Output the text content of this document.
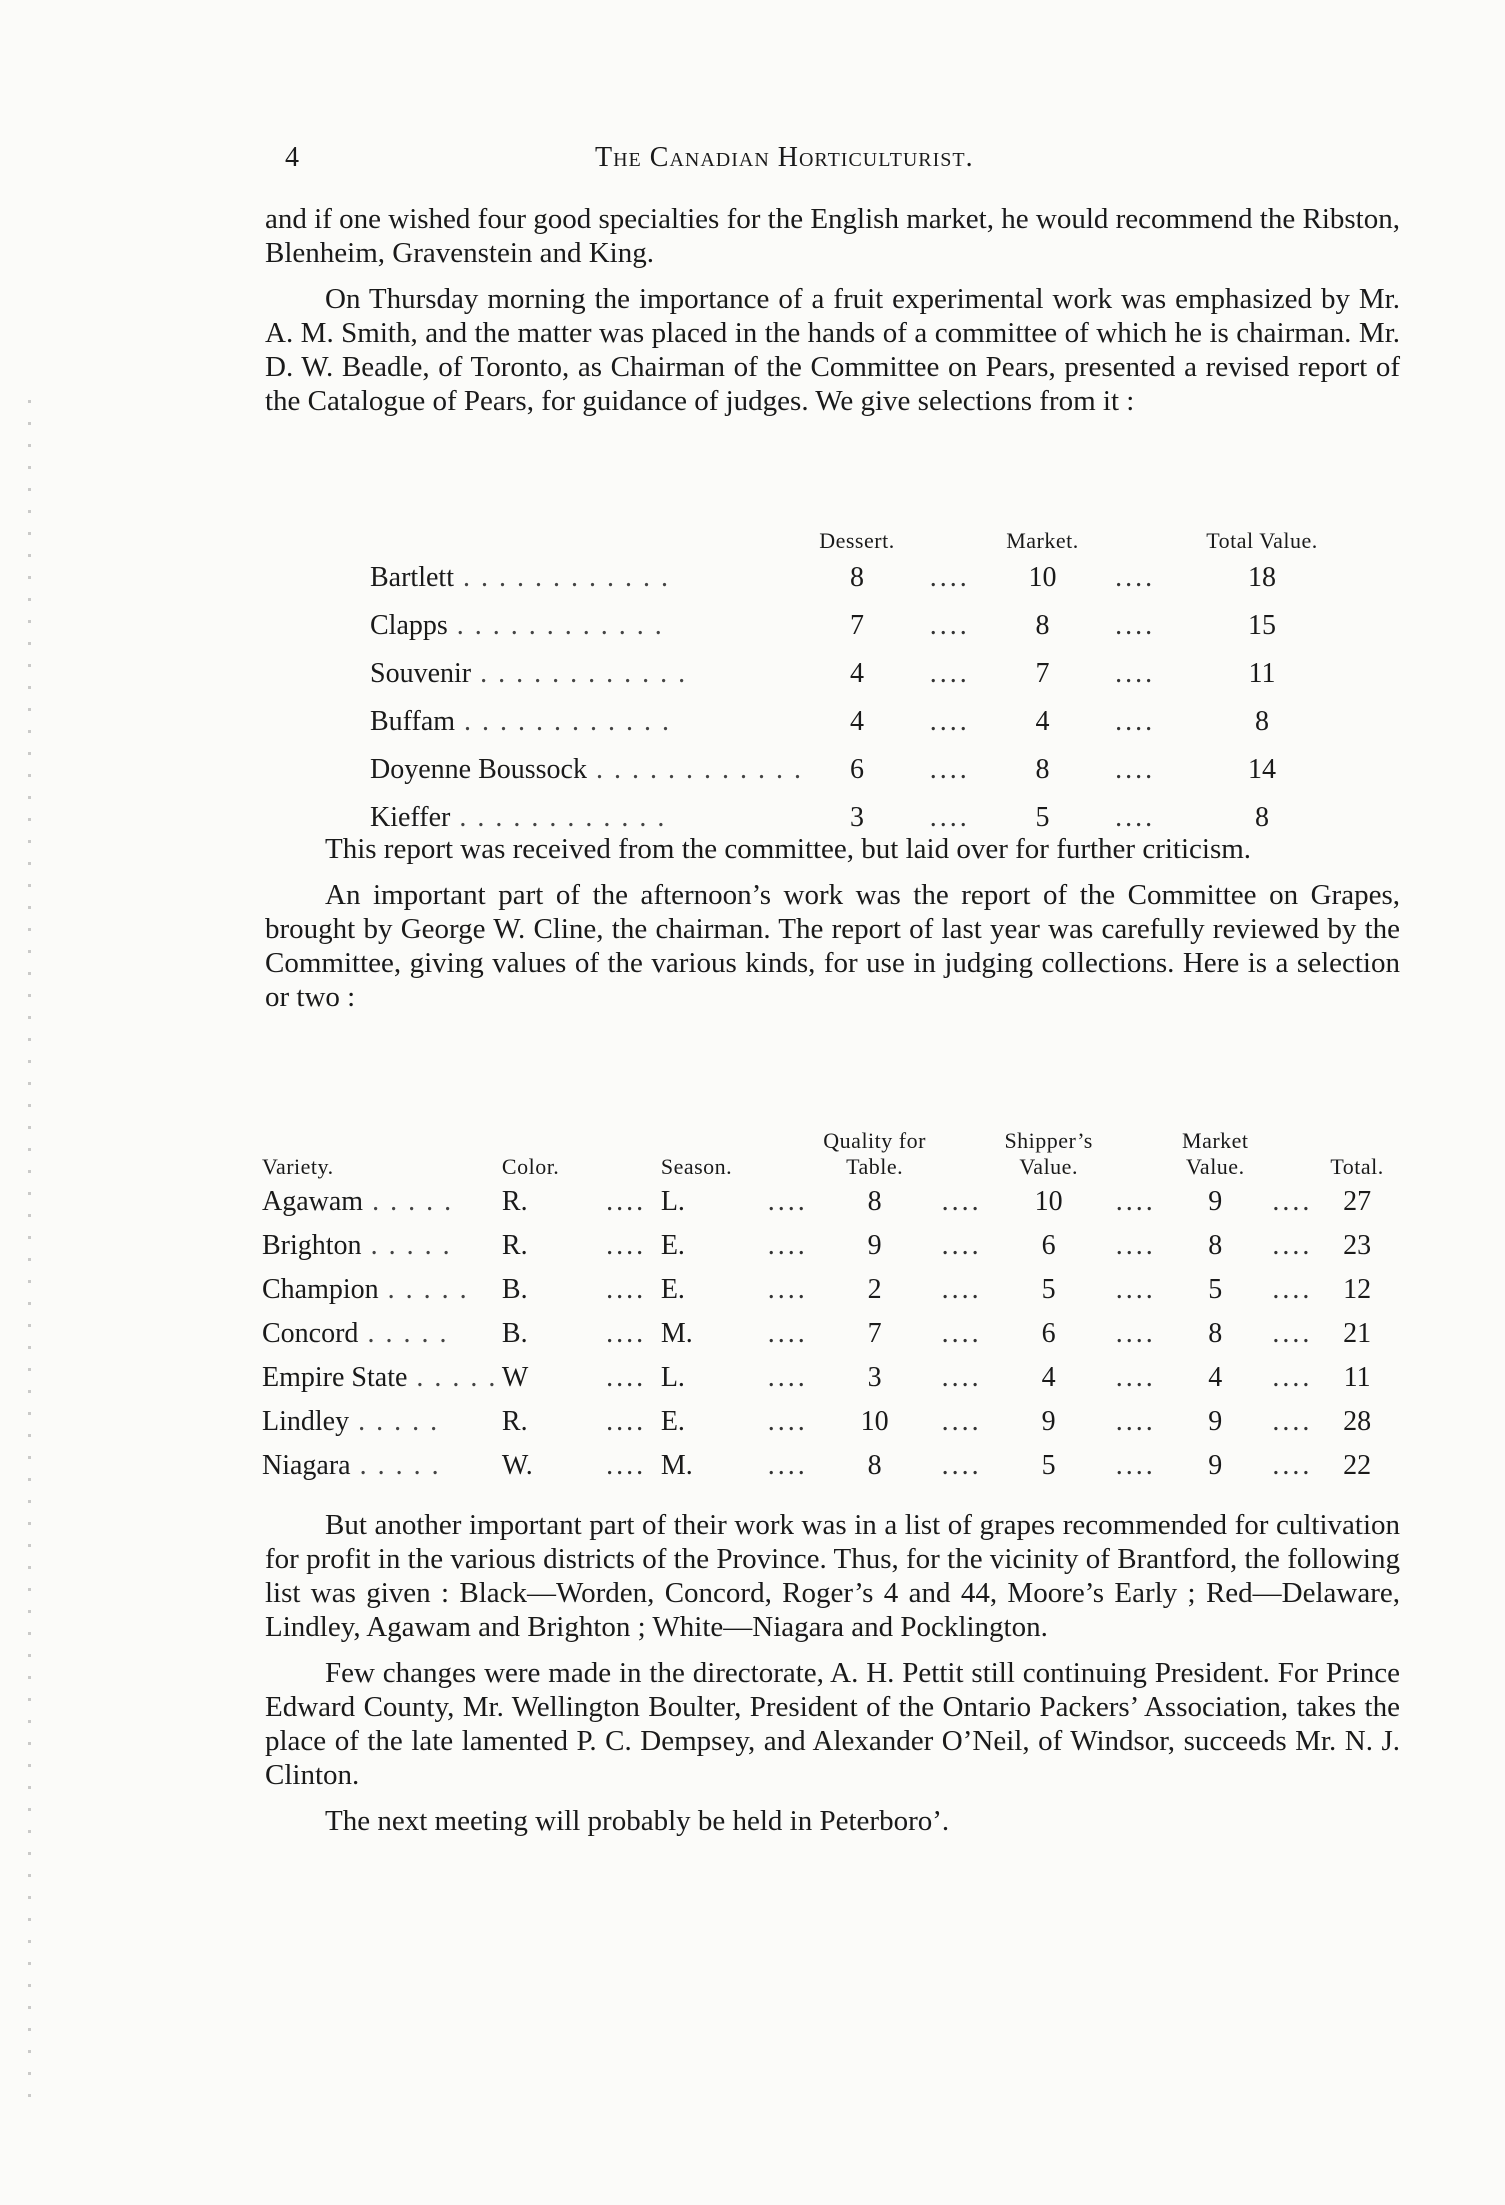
4	The Canadian Horticulturist.

and if one wished four good specialties for the English market, he would recommend the Ribston, Blenheim, Gravenstein and King.

On Thursday morning the importance of a fruit experimental work was emphasized by Mr. A. M. Smith, and the matter was placed in the hands of a committee of which he is chairman. Mr. D. W. Beadle, of Toronto, as Chairman of the Committee on Pears, presented a revised report of the Catalogue of Pears, for guidance of judges. We give selections from it :

	Dessert.		Market.		Total Value.
Bartlett . . . . . . . . . . . .	8	....	10	....	18
Clapps . . . . . . . . . . . .	7	....	8	....	15
Souvenir . . . . . . . . . . . .	4	....	7	....	11
Buffam . . . . . . . . . . . .	4	....	4	....	8
Doyenne Boussock . . . . . . . . . . . .	6	....	8	....	14
Kieffer . . . . . . . . . . . .	3	....	5	....	8

This report was received from the committee, but laid over for further criticism.

An important part of the afternoon’s work was the report of the Committee on Grapes, brought by George W. Cline, the chairman. The report of last year was carefully reviewed by the Committee, giving values of the various kinds, for use in judging collections. Here is a selection or two :

Variety.	Color.		Season.		Quality for Table.		Shipper’s Value.		Market Value.		Total.
Agawam . . . . .	R.	....	L.	....	8	....	10	....	9	....	27
Brighton . . . . .	R.	....	E.	....	9	....	6	....	8	....	23
Champion . . . . .	B.	....	E.	....	2	....	5	....	5	....	12
Concord . . . . .	B.	....	M.	....	7	....	6	....	8	....	21
Empire State . . . . .	W	....	L.	....	3	....	4	....	4	....	11
Lindley . . . . .	R.	....	E.	....	10	....	9	....	9	....	28
Niagara . . . . .	W.	....	M.	....	8	....	5	....	9	....	22

But another important part of their work was in a list of grapes recommended for cultivation for profit in the various districts of the Province. Thus, for the vicinity of Brantford, the following list was given : Black—Worden, Concord, Roger’s 4 and 44, Moore’s Early ; Red—Delaware, Lindley, Agawam and Brighton ; White—Niagara and Pocklington.

Few changes were made in the directorate, A. H. Pettit still continuing President. For Prince Edward County, Mr. Wellington Boulter, President of the Ontario Packers’ Association, takes the place of the late lamented P. C. Dempsey, and Alexander O’Neil, of Windsor, succeeds Mr. N. J. Clinton.

The next meeting will probably be held in Peterboro’.
